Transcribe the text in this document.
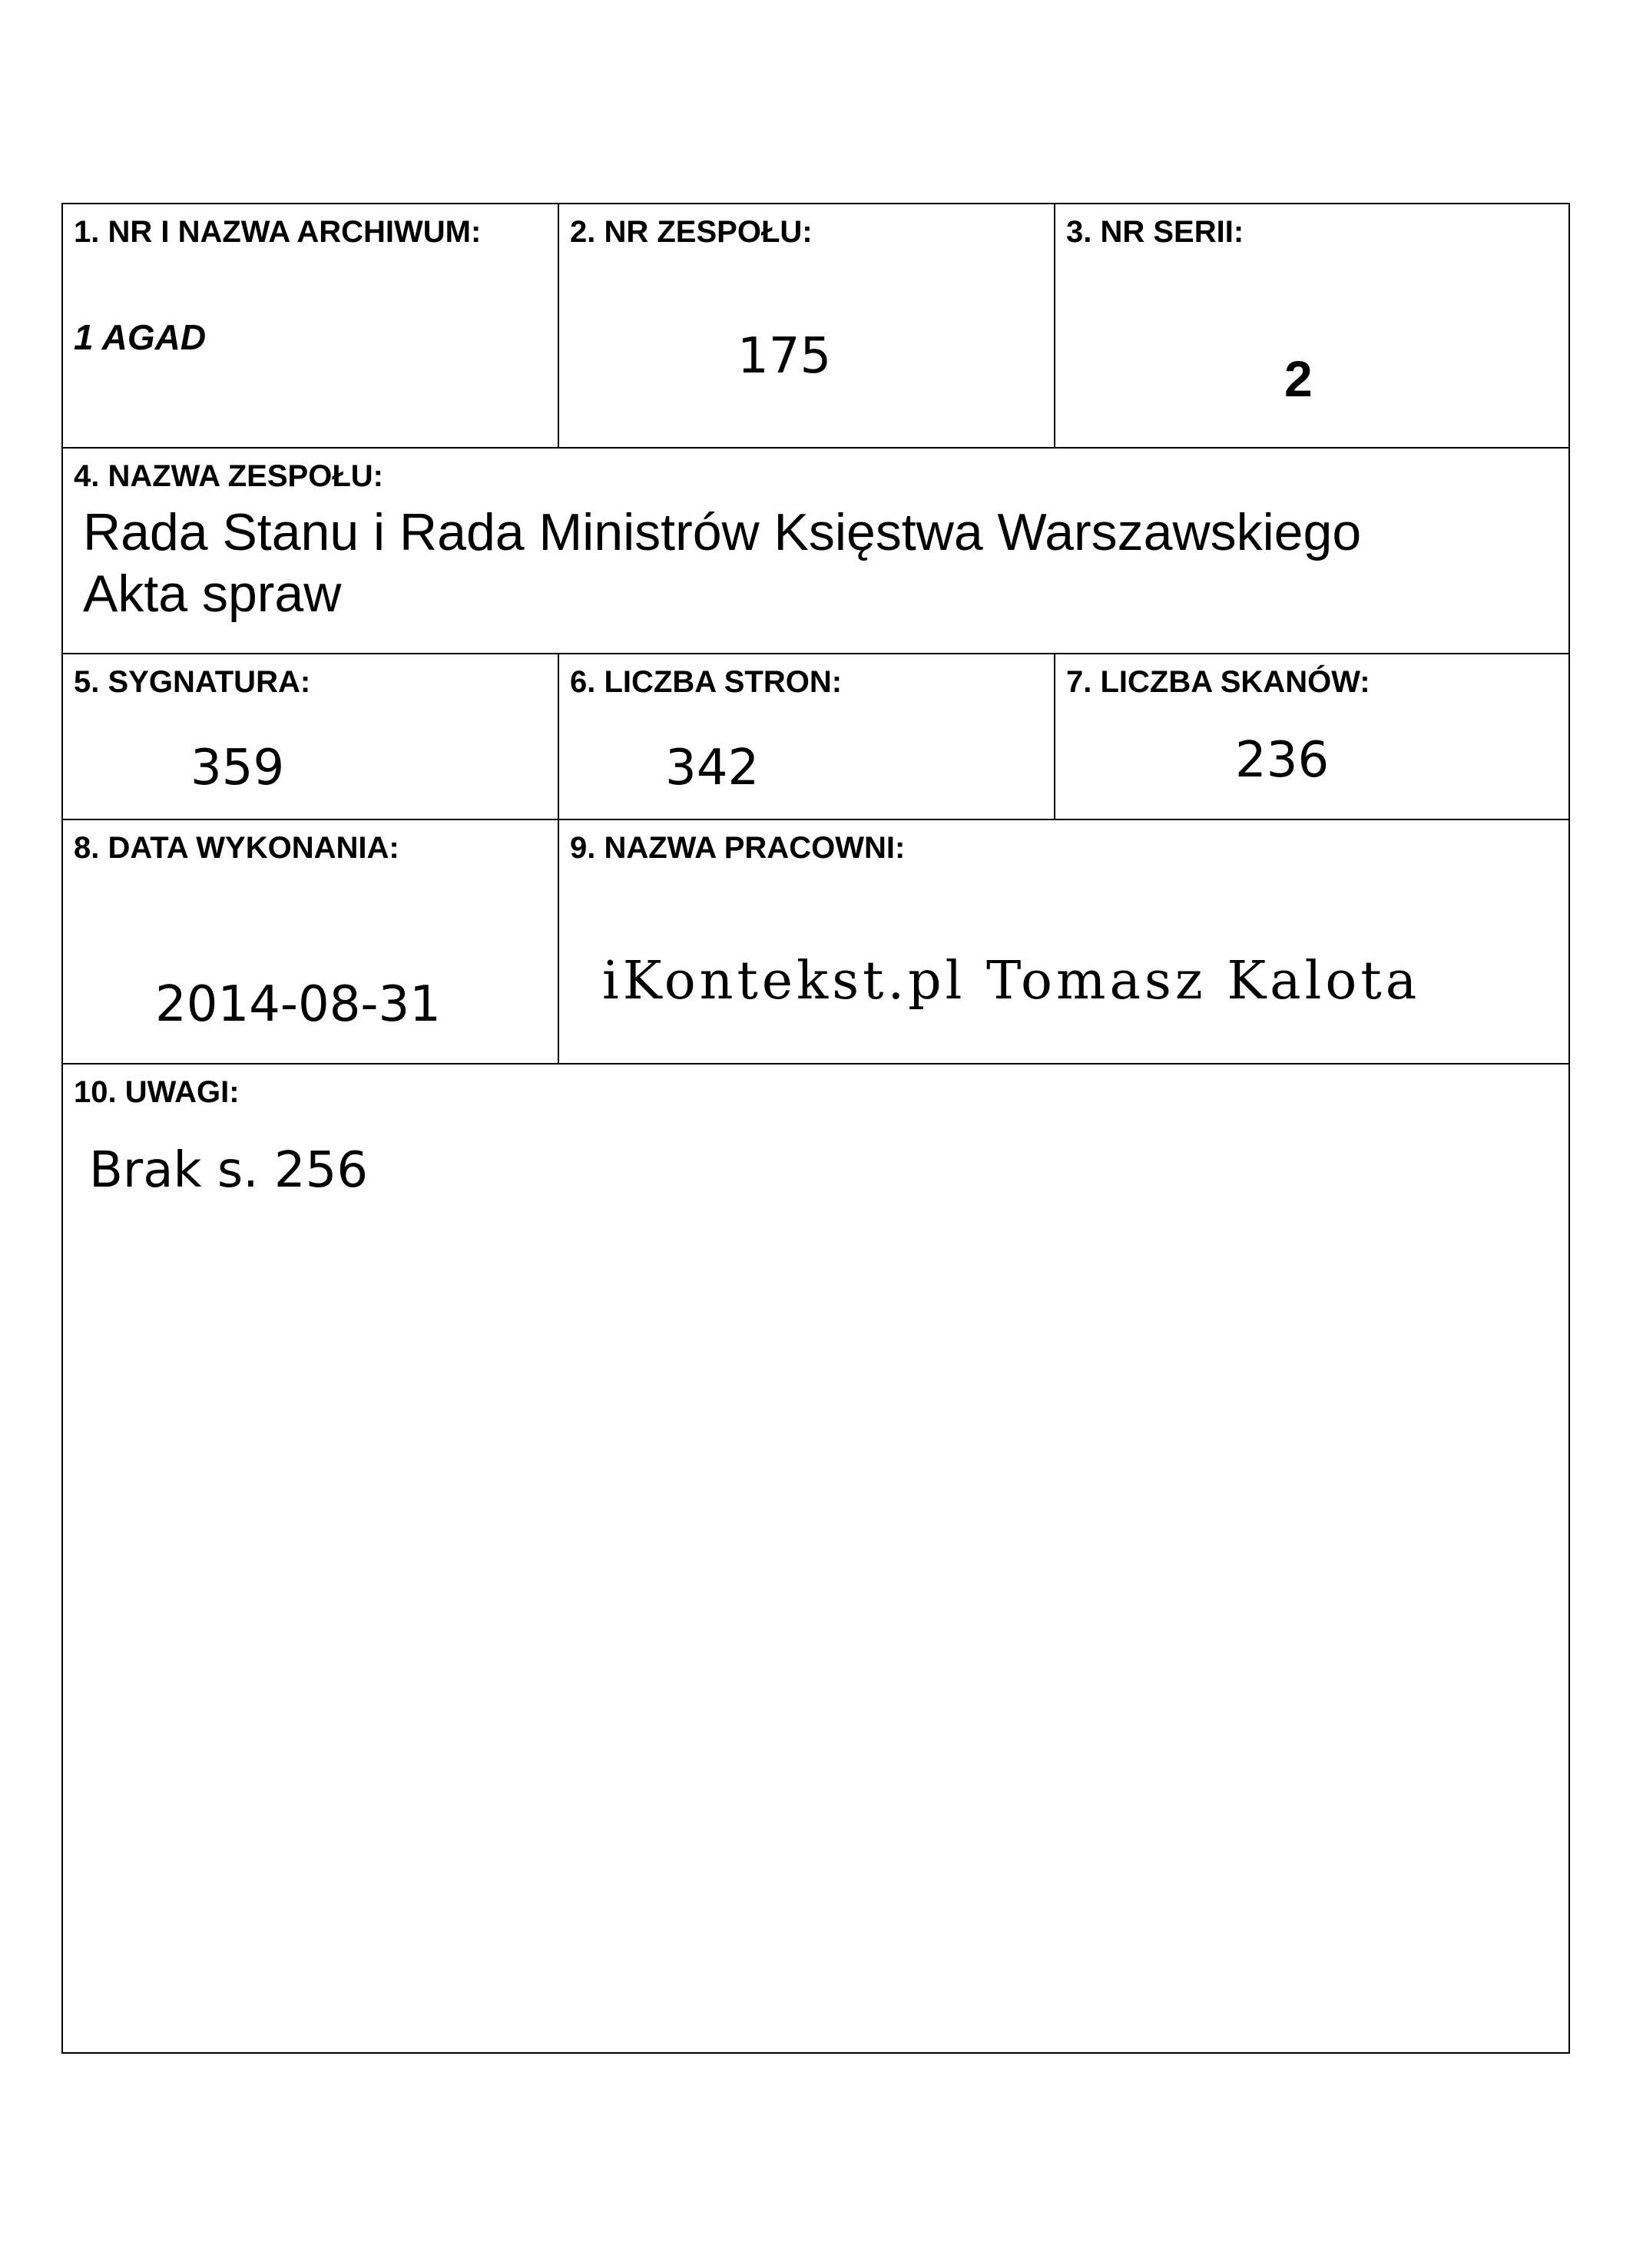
1. NR I NAZWA ARCHIWUM:
1 AGAD
2. NR ZESPOŁU:
175
3. NR SERII:
2
4. NAZWA ZESPOŁU:
Rada Stanu i Rada Ministrów Księstwa Warszawskiego
Akta spraw
5. SYGNATURA:
359
6. LICZBA STRON:
342
7. LICZBA SKANÓW:
236
8. DATA WYKONANIA:
2014-08-31
9. NAZWA PRACOWNI:
iKontekst.pl Tomasz Kalota
10. UWAGI:
Brak s. 256
